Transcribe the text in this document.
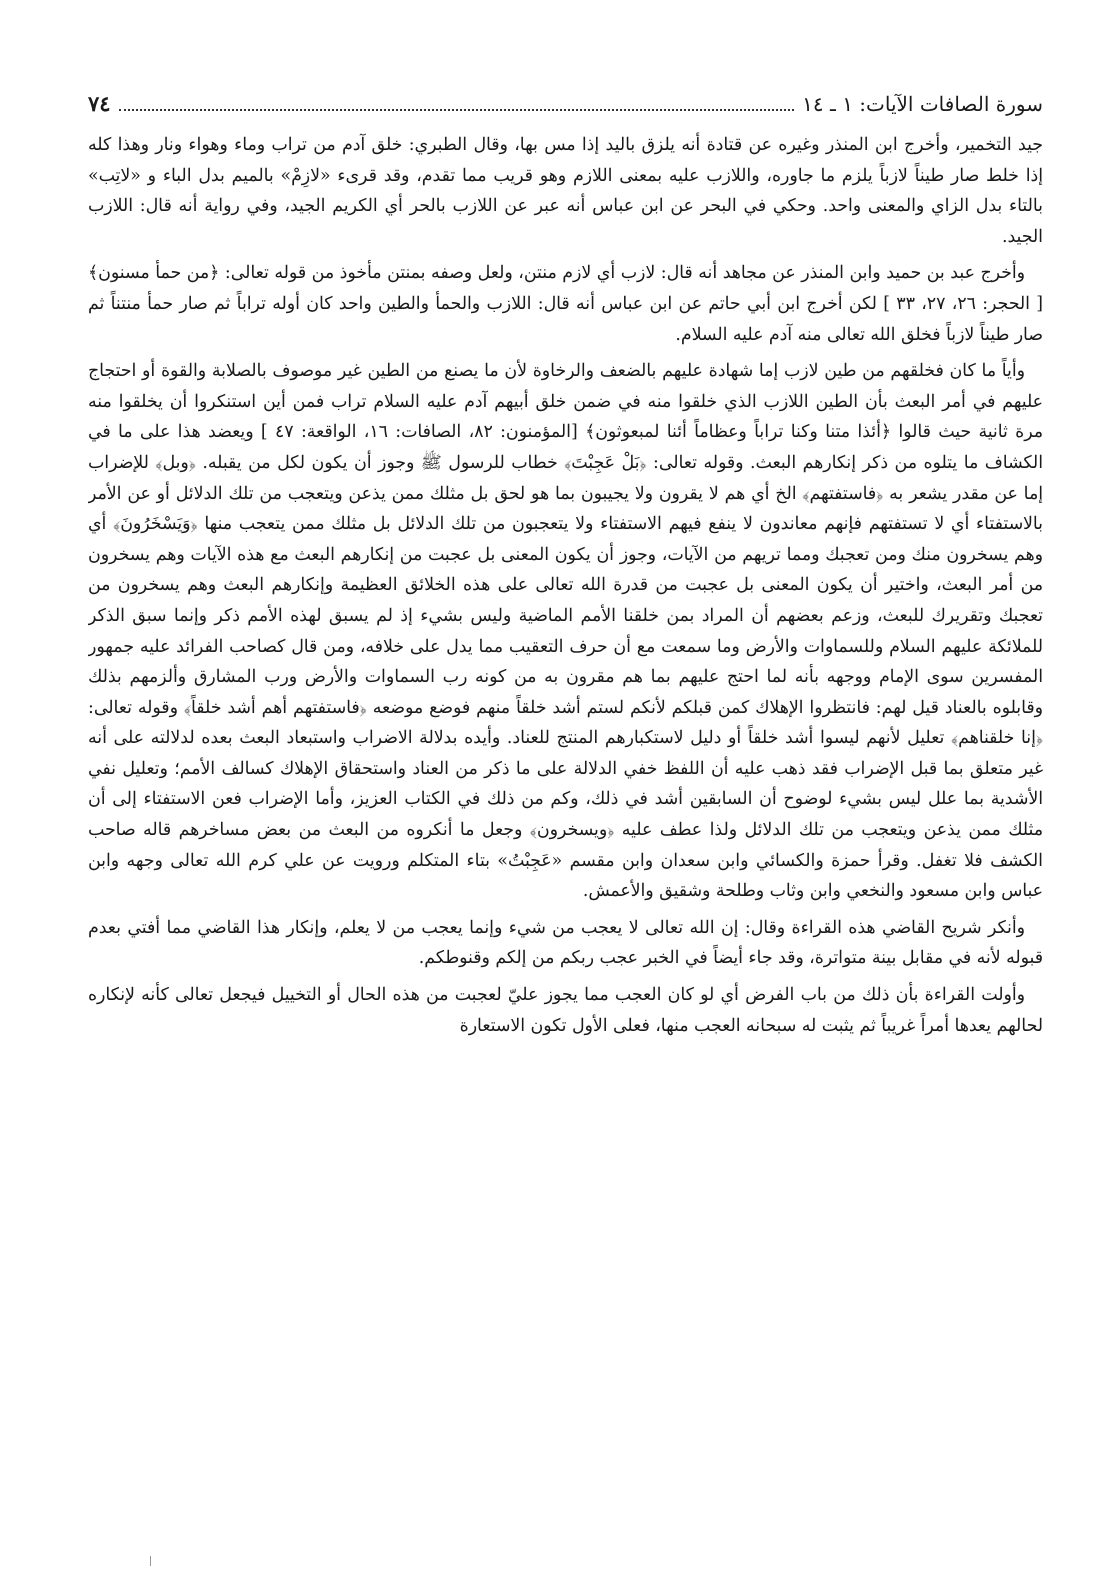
سورة الصافات الآيات: ١ ـ ١٤
٧٤

جيد التخمير، وأخرج ابن المنذر وغيره عن قتادة أنه يلزق باليد إذا مس بها، وقال الطبري: خلق آدم من تراب وماء وهواء ونار وهذا كله إذا خلط صار طيناً لازباً يلزم ما جاوره، واللازب عليه بمعنى اللازم وهو قريب مما تقدم، وقد قرىء «لازِمْ» بالميم بدل الباء و «لاتِب» بالتاء بدل الزاي والمعنى واحد. وحكي في البحر عن ابن عباس أنه عبر عن اللازب بالحر أي الكريم الجيد، وفي رواية أنه قال: اللازب الجيد.

وأخرج عبد بن حميد وابن المنذر عن مجاهد أنه قال: لازب أي لازم منتن، ولعل وصفه بمنتن مأخوذ من قوله تعالى: ﴿من حمأ مسنون﴾ [ الحجر: ٢٦، ٢٧، ٣٣ ] لكن أخرج ابن أبي حاتم عن ابن عباس أنه قال: اللازب والحمأ والطين واحد كان أوله تراباً ثم صار حمأ منتناً ثم صار طيناً لازباً فخلق الله تعالى منه آدم عليه السلام.

وأياً ما كان فخلقهم من طين لازب إما شهادة عليهم بالضعف والرخاوة لأن ما يصنع من الطين غير موصوف بالصلابة والقوة أو احتجاج عليهم في أمر البعث بأن الطين اللازب الذي خلقوا منه في ضمن خلق أبيهم آدم عليه السلام تراب فمن أين استنكروا أن يخلقوا منه مرة ثانية حيث قالوا ﴿أئذا متنا وكنا تراباً وعظاماً أئنا لمبعوثون﴾ [المؤمنون: ٨٢، الصافات: ١٦، الواقعة: ٤٧ ] ويعضد هذا على ما في الكشاف ما يتلوه من ذكر إنكارهم البعث. وقوله تعالى: ﴿بَلْ عَجِبْتَ﴾ خطاب للرسول ﷺ وجوز أن يكون لكل من يقبله. ﴿وبل﴾ للإضراب إما عن مقدر يشعر به ﴿فاستفتهم﴾ الخ أي هم لا يقرون ولا يجيبون بما هو لحق بل مثلك ممن يذعن ويتعجب من تلك الدلائل أو عن الأمر بالاستفتاء أي لا تستفتهم فإنهم معاندون لا ينفع فيهم الاستفتاء ولا يتعجبون من تلك الدلائل بل مثلك ممن يتعجب منها ﴿وَيَسْخَرُونَ﴾ أي وهم يسخرون منك ومن تعجبك ومما تريهم من الآيات، وجوز أن يكون المعنى بل عجبت من إنكارهم البعث مع هذه الآيات وهم يسخرون من أمر البعث، واختير أن يكون المعنى بل عجبت من قدرة الله تعالى على هذه الخلائق العظيمة وإنكارهم البعث وهم يسخرون من تعجبك وتقريرك للبعث، وزعم بعضهم أن المراد بمن خلقنا الأمم الماضية وليس بشيء إذ لم يسبق لهذه الأمم ذكر وإنما سبق الذكر للملائكة عليهم السلام وللسماوات والأرض وما سمعت مع أن حرف التعقيب مما يدل على خلافه، ومن قال كصاحب الفرائد عليه جمهور المفسرين سوى الإمام ووجهه بأنه لما احتج عليهم بما هم مقرون به من كونه رب السماوات والأرض ورب المشارق وألزمهم بذلك وقابلوه بالعناد قيل لهم: فانتظروا الإهلاك كمن قبلكم لأنكم لستم أشد خلقاً منهم فوضع موضعه ﴿فاستفتهم أهم أشد خلقاً﴾ وقوله تعالى: ﴿إنا خلقناهم﴾ تعليل لأنهم ليسوا أشد خلقاً أو دليل لاستكبارهم المنتج للعناد. وأيده بدلالة الاضراب واستبعاد البعث بعده لدلالته على أنه غير متعلق بما قبل الإضراب فقد ذهب عليه أن اللفظ خفي الدلالة على ما ذكر من العناد واستحقاق الإهلاك كسالف الأمم؛ وتعليل نفي الأشدية بما علل ليس بشيء لوضوح أن السابقين أشد في ذلك، وكم من ذلك في الكتاب العزيز، وأما الإضراب فعن الاستفتاء إلى أن مثلك ممن يذعن ويتعجب من تلك الدلائل ولذا عطف عليه ﴿ويسخرون﴾ وجعل ما أنكروه من البعث من بعض مساخرهم قاله صاحب الكشف فلا تغفل. وقرأ حمزة والكسائي وابن سعدان وابن مقسم «عَجِبْتُ» بتاء المتكلم ورويت عن علي كرم الله تعالى وجهه وابن عباس وابن مسعود والنخعي وابن وثاب وطلحة وشقيق والأعمش.

وأنكر شريح القاضي هذه القراءة وقال: إن الله تعالى لا يعجب من شيء وإنما يعجب من لا يعلم، وإنكار هذا القاضي مما أفتي بعدم قبوله لأنه في مقابل بينة متواترة، وقد جاء أيضاً في الخبر عجب ربكم من إلكم وقنوطكم.

وأولت القراءة بأن ذلك من باب الفرض أي لو كان العجب مما يجوز عليّ لعجبت من هذه الحال أو التخييل فيجعل تعالى كأنه لإنكاره لحالهم يعدها أمراً غريباً ثم يثبت له سبحانه العجب منها، فعلى الأول تكون الاستعارة
